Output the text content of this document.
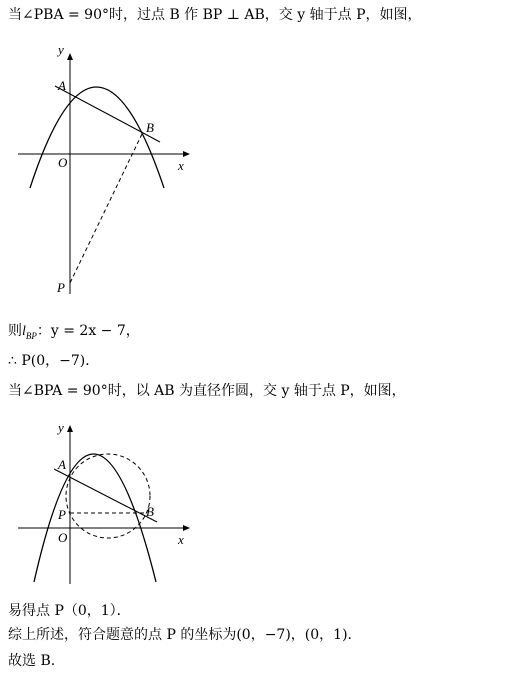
当∠PBA = 90°时，过点 B 作 BP ⊥ AB，交 y 轴于点 P，如图，
y
x
O
A
B
P
则$l_{BP}$：y = 2x − 7，
∴ P(0，−7)．
当∠BPA = 90°时，以 AB 为直径作圆，交 y 轴于点 P，如图，
y
x
O
A
B
P
易得点 P（0，1）．
综上所述，符合题意的点 P 的坐标为(0，−7)，(0，1)．
故选 B.
